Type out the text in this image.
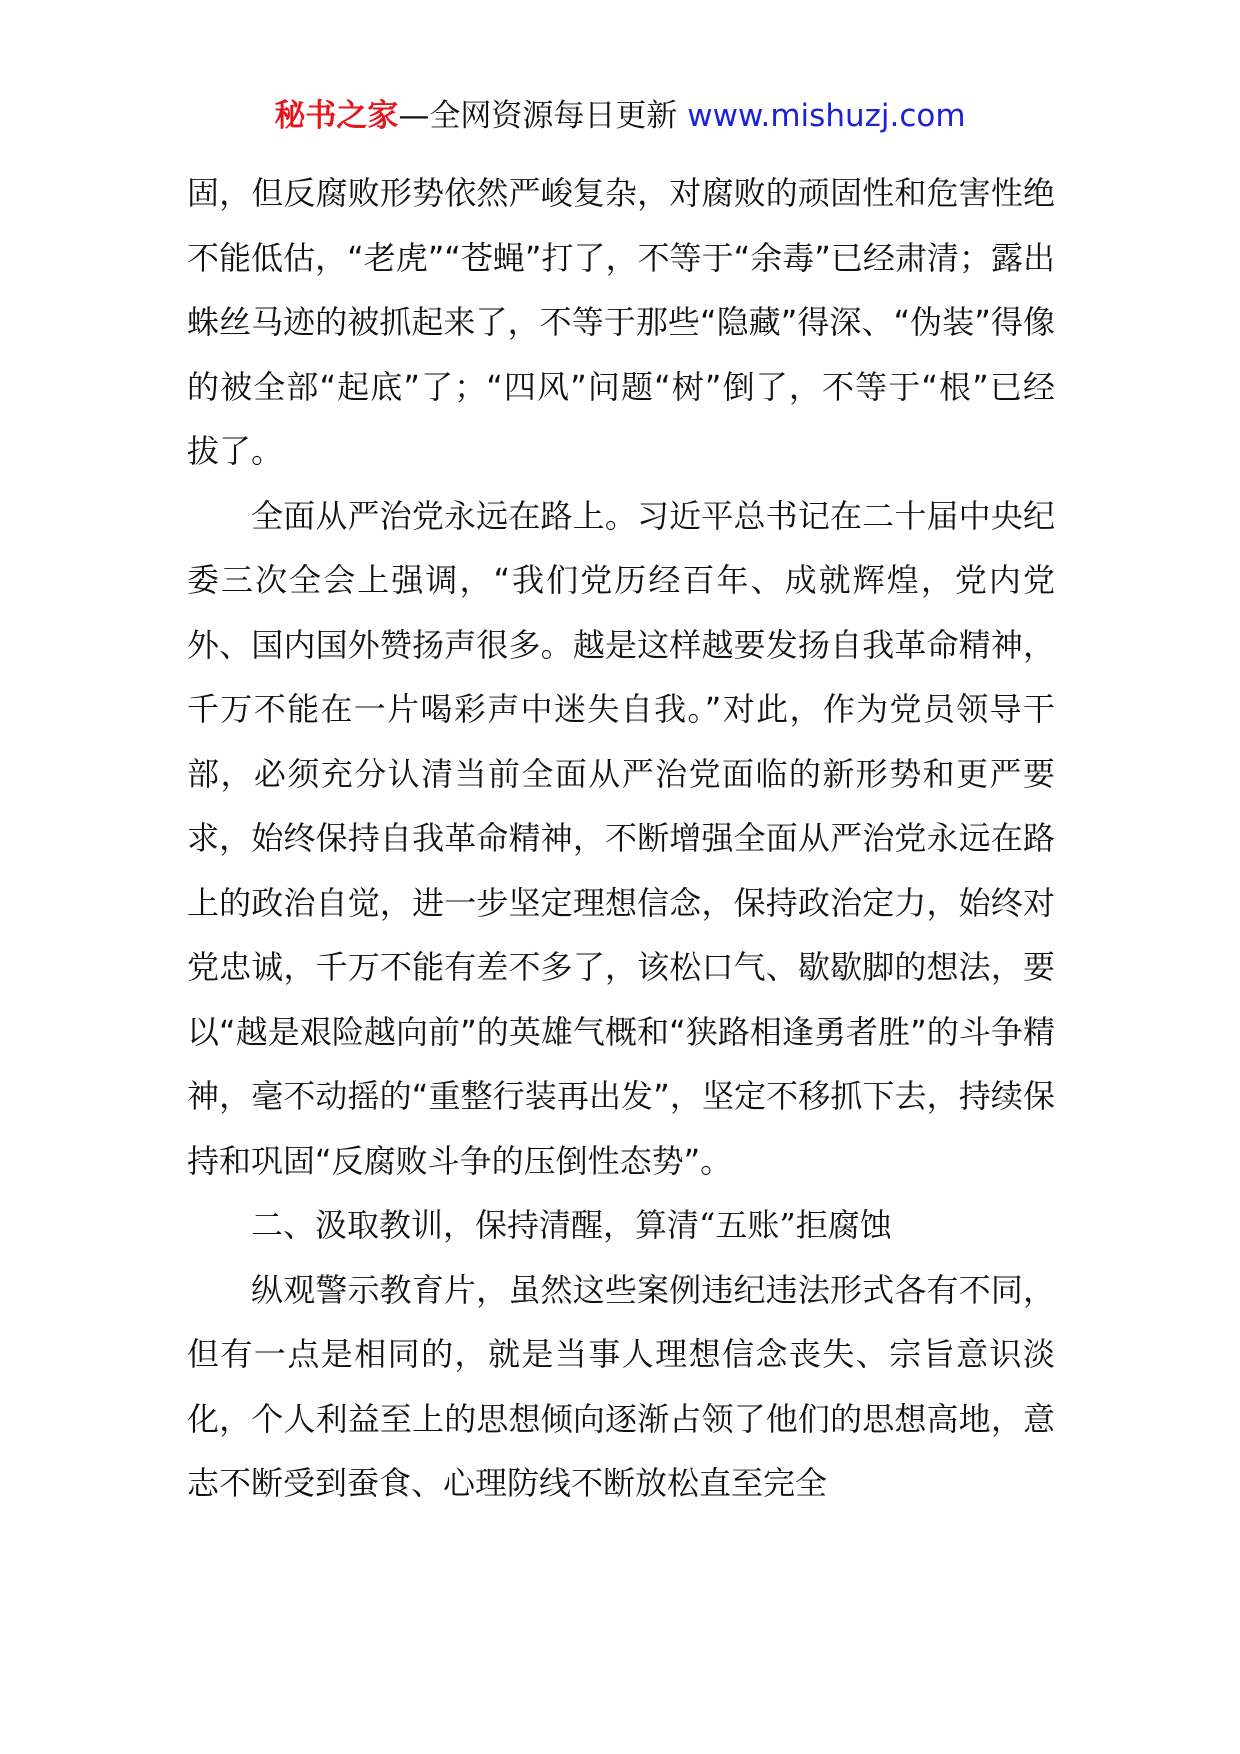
秘书之家—全网资源每日更新 www.mishuzj.com

固，但反腐败形势依然严峻复杂，对腐败的顽固性和危害性绝不能低估，“老虎”“苍蝇”打了，不等于“余毒”已经肃清；露出蛛丝马迹的被抓起来了，不等于那些“隐藏”得深、“伪装”得像的被全部“起底”了；“四风”问题“树”倒了，不等于“根”已经拔了。

全面从严治党永远在路上。习近平总书记在二十届中央纪委三次全会上强调，“我们党历经百年、成就辉煌，党内党外、国内国外赞扬声很多。越是这样越要发扬自我革命精神，千万不能在一片喝彩声中迷失自我。”对此，作为党员领导干部，必须充分认清当前全面从严治党面临的新形势和更严要求，始终保持自我革命精神，不断增强全面从严治党永远在路上的政治自觉，进一步坚定理想信念，保持政治定力，始终对党忠诚，千万不能有差不多了，该松口气、歇歇脚的想法，要以“越是艰险越向前”的英雄气概和“狭路相逢勇者胜”的斗争精神，毫不动摇的“重整行装再出发”，坚定不移抓下去，持续保持和巩固“反腐败斗争的压倒性态势”。

二、汲取教训，保持清醒，算清“五账”拒腐蚀

纵观警示教育片，虽然这些案例违纪违法形式各有不同，但有一点是相同的，就是当事人理想信念丧失、宗旨意识淡化，个人利益至上的思想倾向逐渐占领了他们的思想高地，意志不断受到蚕食、心理防线不断放松直至完全
